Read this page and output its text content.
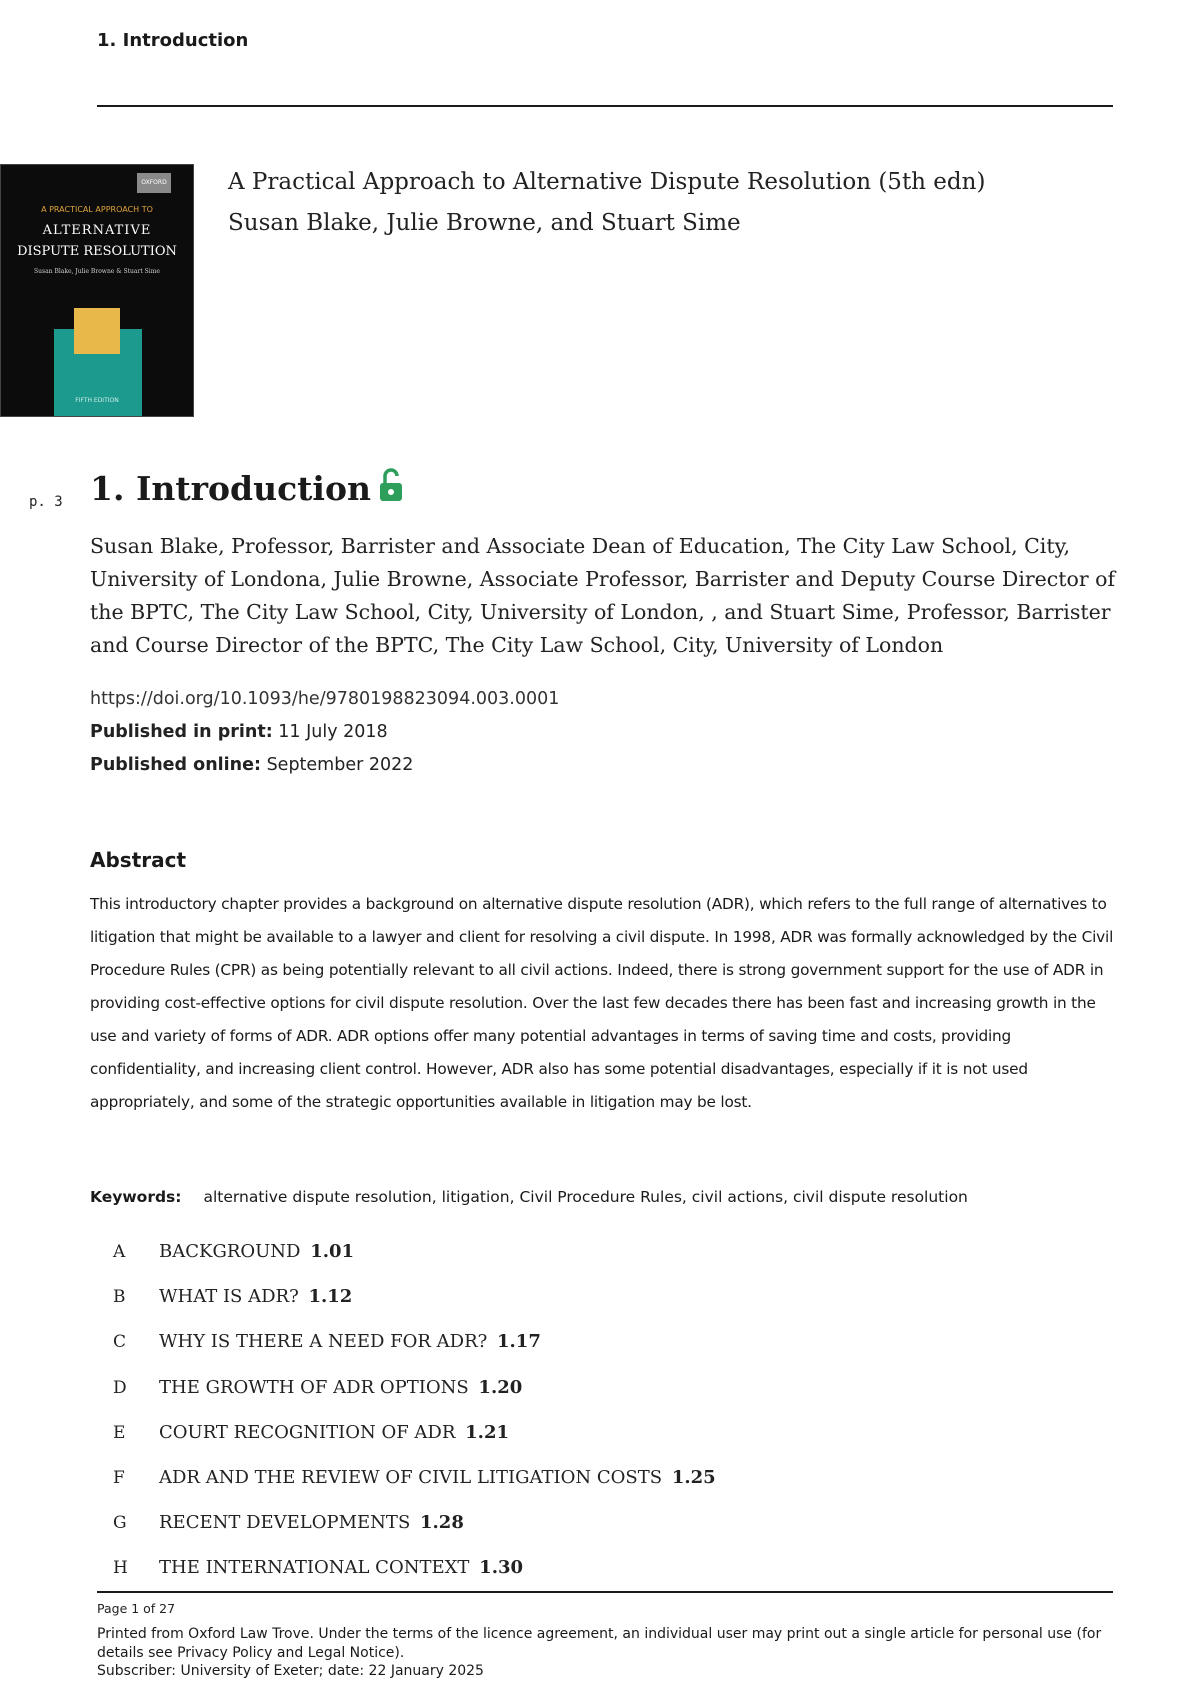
1. Introduction
OXFORD
A PRACTICAL APPROACH TO
ALTERNATIVE
DISPUTE RESOLUTION
Susan Blake, Julie Browne & Stuart Sime
FIFTH EDITION
A Practical Approach to Alternative Dispute Resolution (5th edn)
Susan Blake, Julie Browne, and Stuart Sime
p. 3 1. Introduction
Susan Blake, Professor, Barrister and Associate Dean of Education, The City Law School, City, University of Londona, Julie Browne, Associate Professor, Barrister and Deputy Course Director of the BPTC, The City Law School, City, University of London, , and Stuart Sime, Professor, Barrister and Course Director of the BPTC, The City Law School, City, University of London
https://doi.org/10.1093/he/9780198823094.003.0001
Published in print: 11 July 2018
Published online: September 2022
Abstract
This introductory chapter provides a background on alternative dispute resolution (ADR), which refers to the full range of alternatives to litigation that might be available to a lawyer and client for resolving a civil dispute. In 1998, ADR was formally acknowledged by the Civil Procedure Rules (CPR) as being potentially relevant to all civil actions. Indeed, there is strong government support for the use of ADR in providing cost-effective options for civil dispute resolution. Over the last few decades there has been fast and increasing growth in the use and variety of forms of ADR. ADR options offer many potential advantages in terms of saving time and costs, providing confidentiality, and increasing client control. However, ADR also has some potential disadvantages, especially if it is not used appropriately, and some of the strategic opportunities available in litigation may be lost.
Keywords: alternative dispute resolution, litigation, Civil Procedure Rules, civil actions, civil dispute resolution
A BACKGROUND 1.01
B WHAT IS ADR? 1.12
C WHY IS THERE A NEED FOR ADR? 1.17
D THE GROWTH OF ADR OPTIONS 1.20
E COURT RECOGNITION OF ADR 1.21
F ADR AND THE REVIEW OF CIVIL LITIGATION COSTS 1.25
G RECENT DEVELOPMENTS 1.28
H THE INTERNATIONAL CONTEXT 1.30
Page 1 of 27
Printed from Oxford Law Trove. Under the terms of the licence agreement, an individual user may print out a single article for personal use (for details see Privacy Policy and Legal Notice).
Subscriber: University of Exeter; date: 22 January 2025
